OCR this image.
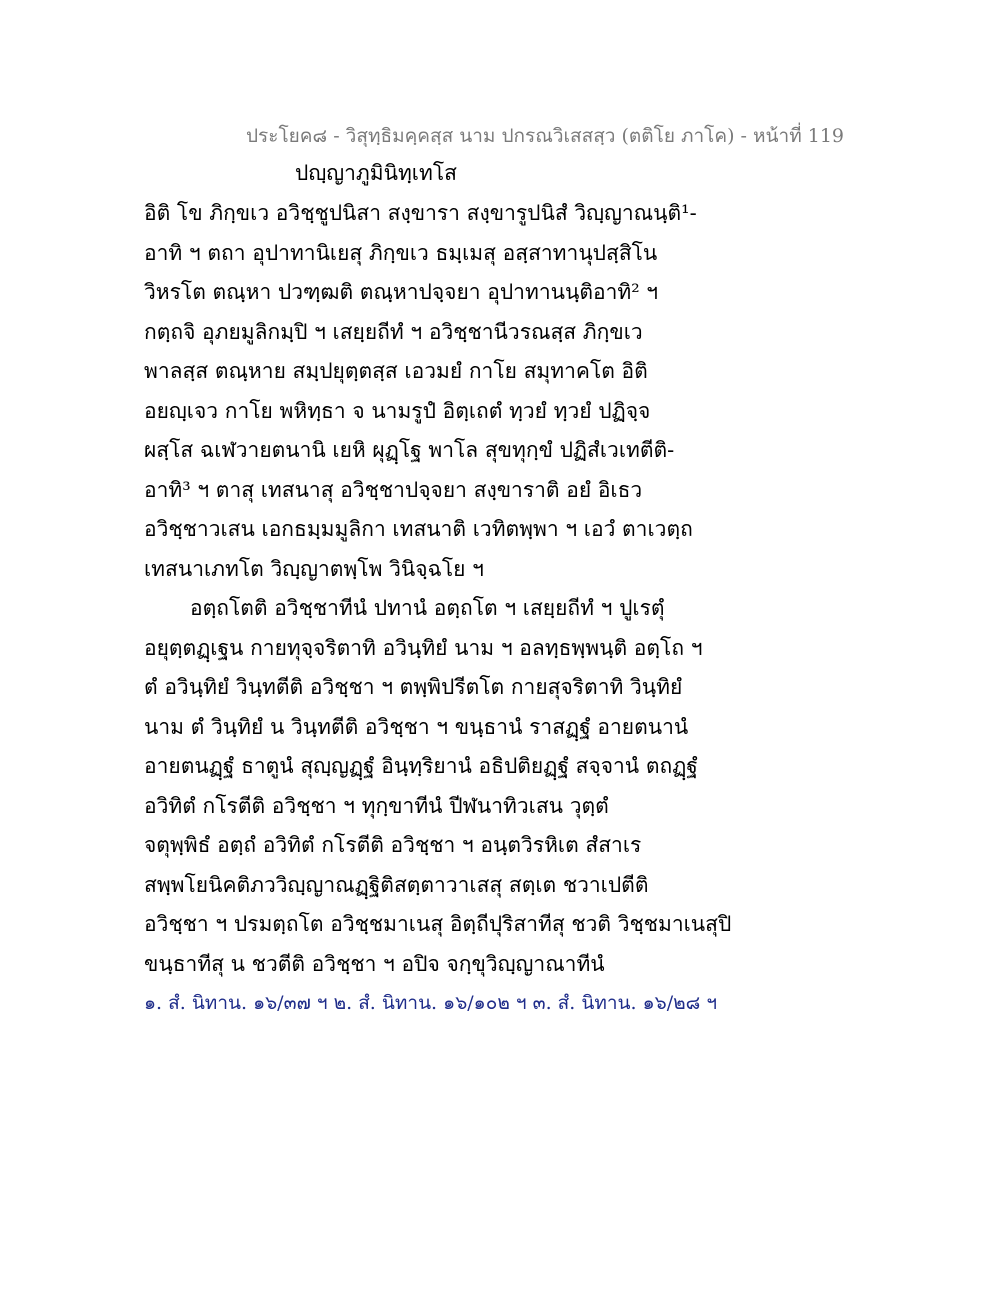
ประโยค๘ - วิสุทฺธิมคฺคสฺส นาม ปกรณวิเสสสฺว (ตติโย ภาโค) - หน้าที่ 119
ปญฺญาภูมินิทฺเทโส
อิติ โข ภิกฺขเว อวิชฺชูปนิสา สงฺขารา สงฺขารูปนิสํ วิญฺญาณนฺติ¹-
อาทิ ฯ ตถา อุปาทานิเยสุ ภิกฺขเว ธมฺเมสุ อสฺสาทานุปสฺสิโน
วิหรโต ตณฺหา ปวฑฺฒติ ตณฺหาปจฺจยา อุปาทานนฺติอาทิ² ฯ
กตฺถจิ อุภยมูลิกมฺปิ ฯ เสยฺยถีทํ ฯ อวิชฺชานีวรณสฺส ภิกฺขเว
พาลสฺส ตณฺหาย สมฺปยุตฺตสฺส เอวมยํ กาโย สมุทาคโต อิติ
อยญฺเจว กาโย พหิทฺธา จ นามรูปํ อิตฺเถตํ ทฺวยํ ทฺวยํ ปฏิจฺจ
ผสฺโส ฉเฬวายตนานิ เยหิ ผุฏฺโฐ พาโล สุขทุกฺขํ ปฏิสํเวเทตีติ-
อาทิ³ ฯ ตาสุ เทสนาสุ อวิชฺชาปจฺจยา สงฺขาราติ อยํ อิเธว
อวิชฺชาวเสน เอกธมฺมมูลิกา เทสนาติ เวทิตพฺพา ฯ เอวํ ตาเวตฺถ
เทสนาเภทโต วิญฺญาตพฺโพ วินิจฺฉโย ฯ
อตฺถโตติ อวิชฺชาทีนํ ปทานํ อตฺถโต ฯ เสยฺยถีทํ ฯ ปูเรตุํ
อยุตฺตฏฺเฐน กายทุจฺจริตาทิ อวินฺทิยํ นาม ฯ อลทฺธพฺพนฺติ อตฺโถ ฯ
ตํ อวินฺทิยํ วินฺทตีติ อวิชฺชา ฯ ตพฺพิปรีตโต กายสุจริตาทิ วินฺทิยํ
นาม ตํ วินฺทิยํ น วินฺทตีติ อวิชฺชา ฯ ขนฺธานํ ราสฏฺฐํ อายตนานํ
อายตนฏฺฐํ ธาตูนํ สุญฺญฏฺฐํ อินฺทฺริยานํ อธิปติยฏฺฐํ สจฺจานํ ตถฏฺฐํ
อวิทิตํ กโรตีติ อวิชฺชา ฯ ทุกฺขาทีนํ ปีฬนาทิวเสน วุตฺตํ
จตุพฺพิธํ อตฺถํ อวิทิตํ กโรตีติ อวิชฺชา ฯ อนฺตวิรหิเต สํสาเร
สพฺพโยนิคติภววิญฺญาณฏฺฐิติสตฺตาวาเสสุ สตฺเต ชวาเปตีติ
อวิชฺชา ฯ ปรมตฺถโต อวิชฺชมาเนสุ อิตฺถีปุริสาทีสุ ชวติ วิชฺชมาเนสุปิ
ขนฺธาทีสุ น ชวตีติ อวิชฺชา ฯ อปิจ จกฺขุวิญฺญาณาทีนํ
๑. สํ. นิทาน. ๑๖/๓๗ ฯ ๒. สํ. นิทาน. ๑๖/๑๐๒ ฯ ๓. สํ. นิทาน. ๑๖/๒๘ ฯ
